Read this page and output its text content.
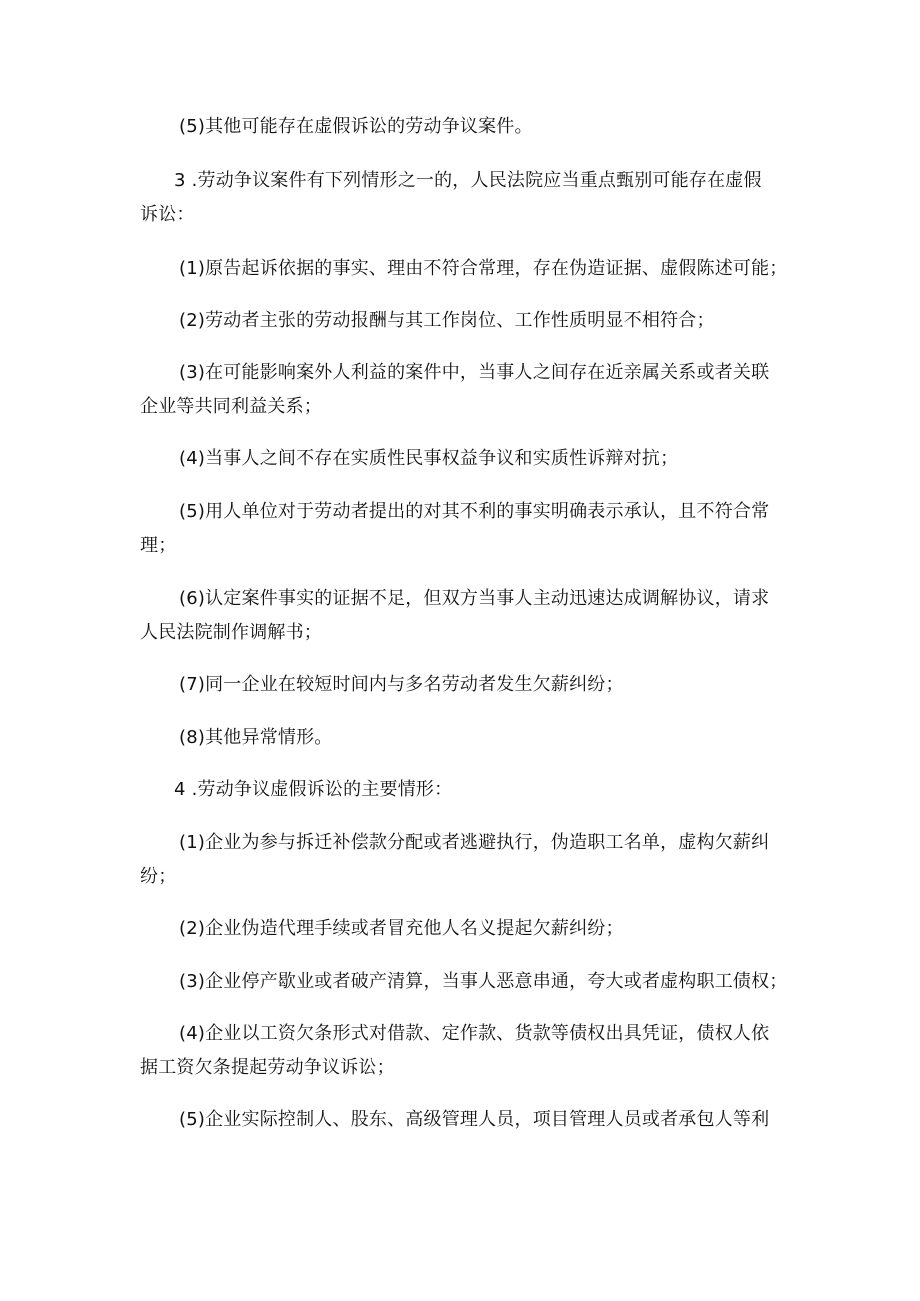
(5)其他可能存在虚假诉讼的劳动争议案件。
3 .劳动争议案件有下列情形之一的，人民法院应当重点甄别可能存在虚假
诉讼：
(1)原告起诉依据的事实、理由不符合常理，存在伪造证据、虚假陈述可能；
(2)劳动者主张的劳动报酬与其工作岗位、工作性质明显不相符合；
(3)在可能影响案外人利益的案件中，当事人之间存在近亲属关系或者关联
企业等共同利益关系；
(4)当事人之间不存在实质性民事权益争议和实质性诉辩对抗；
(5)用人单位对于劳动者提出的对其不利的事实明确表示承认，且不符合常
理；
(6)认定案件事实的证据不足，但双方当事人主动迅速达成调解协议，请求
人民法院制作调解书；
(7)同一企业在较短时间内与多名劳动者发生欠薪纠纷；
(8)其他异常情形。
4 .劳动争议虚假诉讼的主要情形：
(1)企业为参与拆迁补偿款分配或者逃避执行，伪造职工名单，虚构欠薪纠
纷；
(2)企业伪造代理手续或者冒充他人名义提起欠薪纠纷；
(3)企业停产歇业或者破产清算，当事人恶意串通，夸大或者虚构职工债权；
(4)企业以工资欠条形式对借款、定作款、货款等债权出具凭证，债权人依
据工资欠条提起劳动争议诉讼；
(5)企业实际控制人、股东、高级管理人员，项目管理人员或者承包人等利
